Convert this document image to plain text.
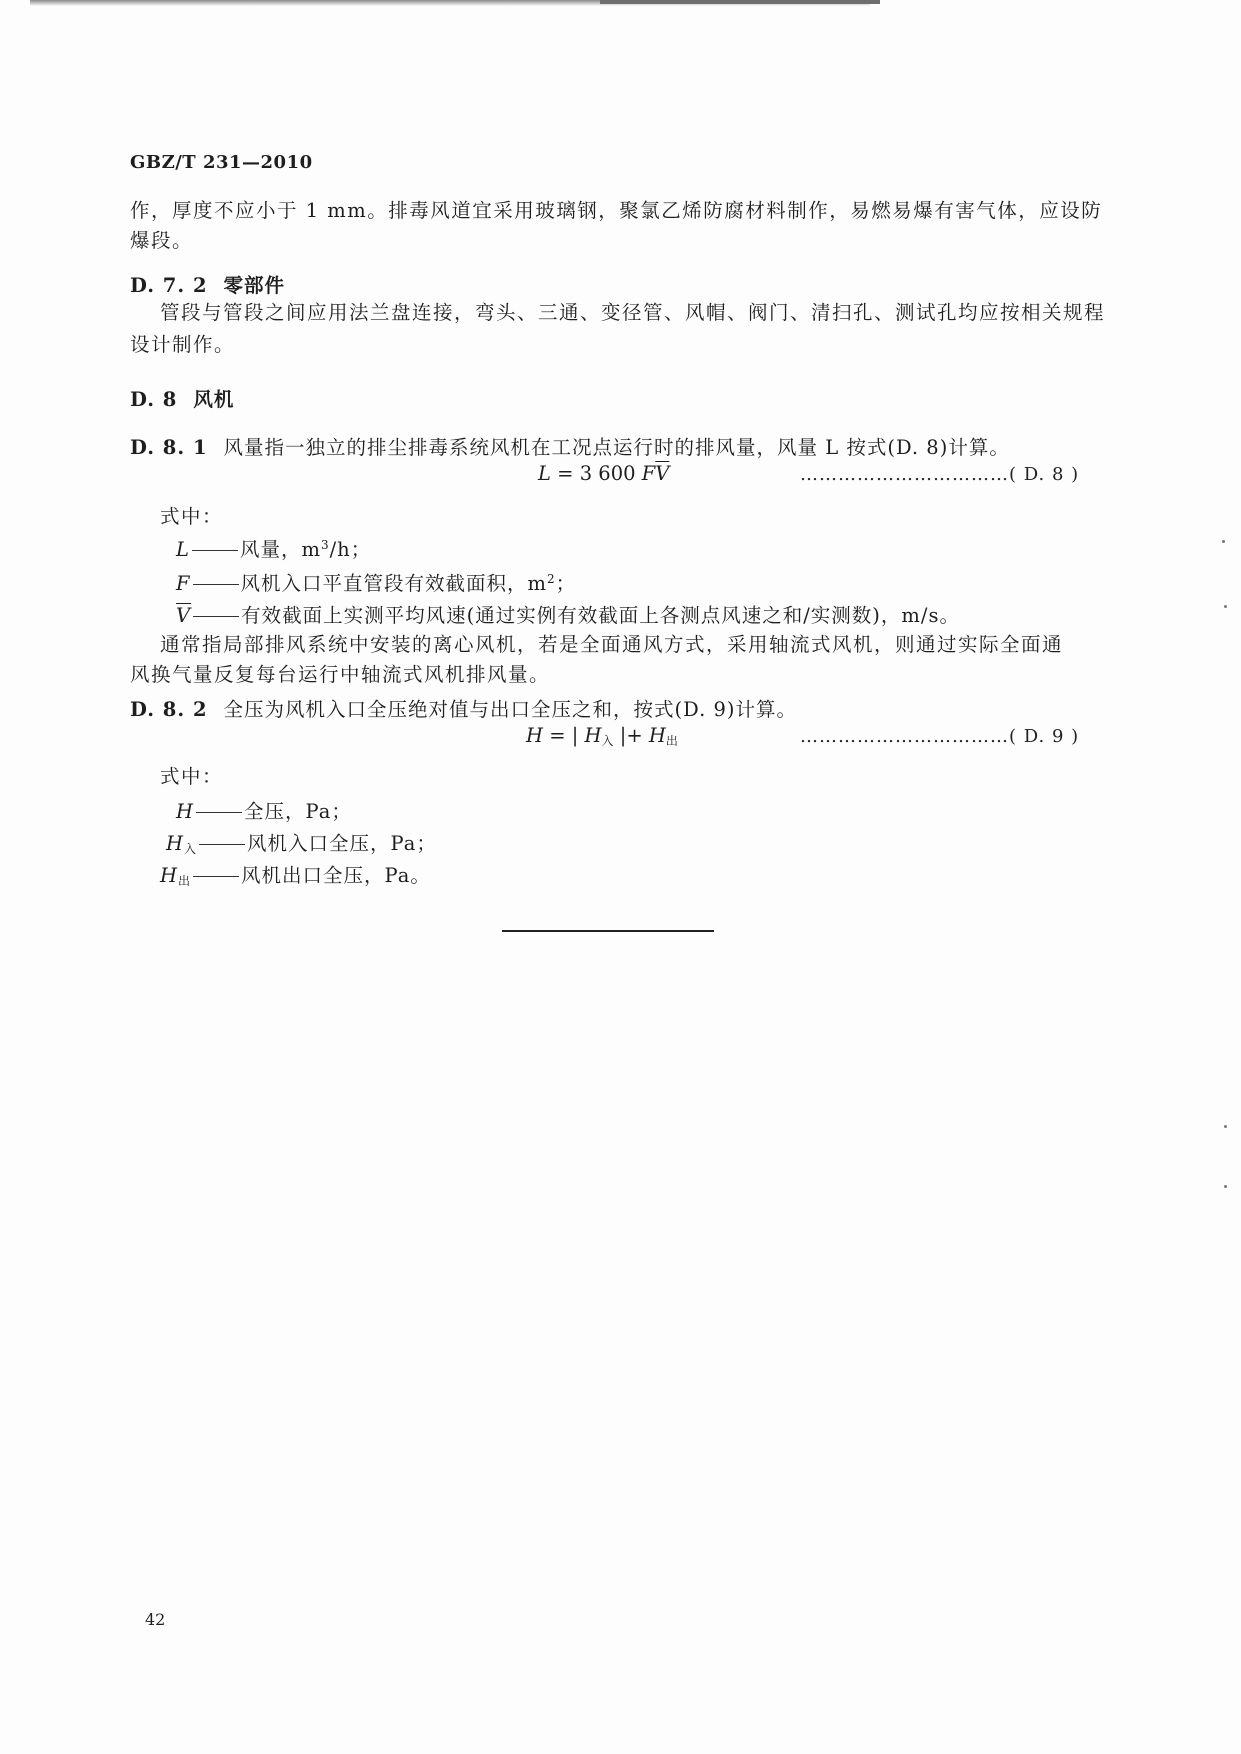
GBZ/T 231—2010
作，厚度不应小于 1 mm。排毒风道宜采用玻璃钢，聚氯乙烯防腐材料制作，易燃易爆有害气体，应设防
爆段。
D. 7. 2 零部件
管段与管段之间应用法兰盘连接，弯头、三通、变径管、风帽、阀门、清扫孔、测试孔均应按相关规程
设计制作。
D. 8 风机
D. 8. 1 风量指一独立的排尘排毒系统风机在工况点运行时的排风量，风量 L 按式(D. 8)计算。
L = 3 600 $F\overline{V}$	……………………………( D. 8 )
式中：
L	风量，$m^3/h$；
F	风机入口平直管段有效截面积，$m^2$；
$\overline{V}$	有效截面上实测平均风速(通过实例有效截面上各测点风速之和/实测数)，m/s。
通常指局部排风系统中安装的离心风机，若是全面通风方式，采用轴流式风机，则通过实际全面通
风换气量反复每台运行中轴流式风机排风量。
D. 8. 2 全压为风机入口全压绝对值与出口全压之和，按式(D. 9)计算。
H = | $H_入$ |+ $H_出$	……………………………( D. 9 )
式中：
H	全压，Pa；
$H_入$	风机入口全压，Pa；
$H_出$	风机出口全压，Pa。
42
